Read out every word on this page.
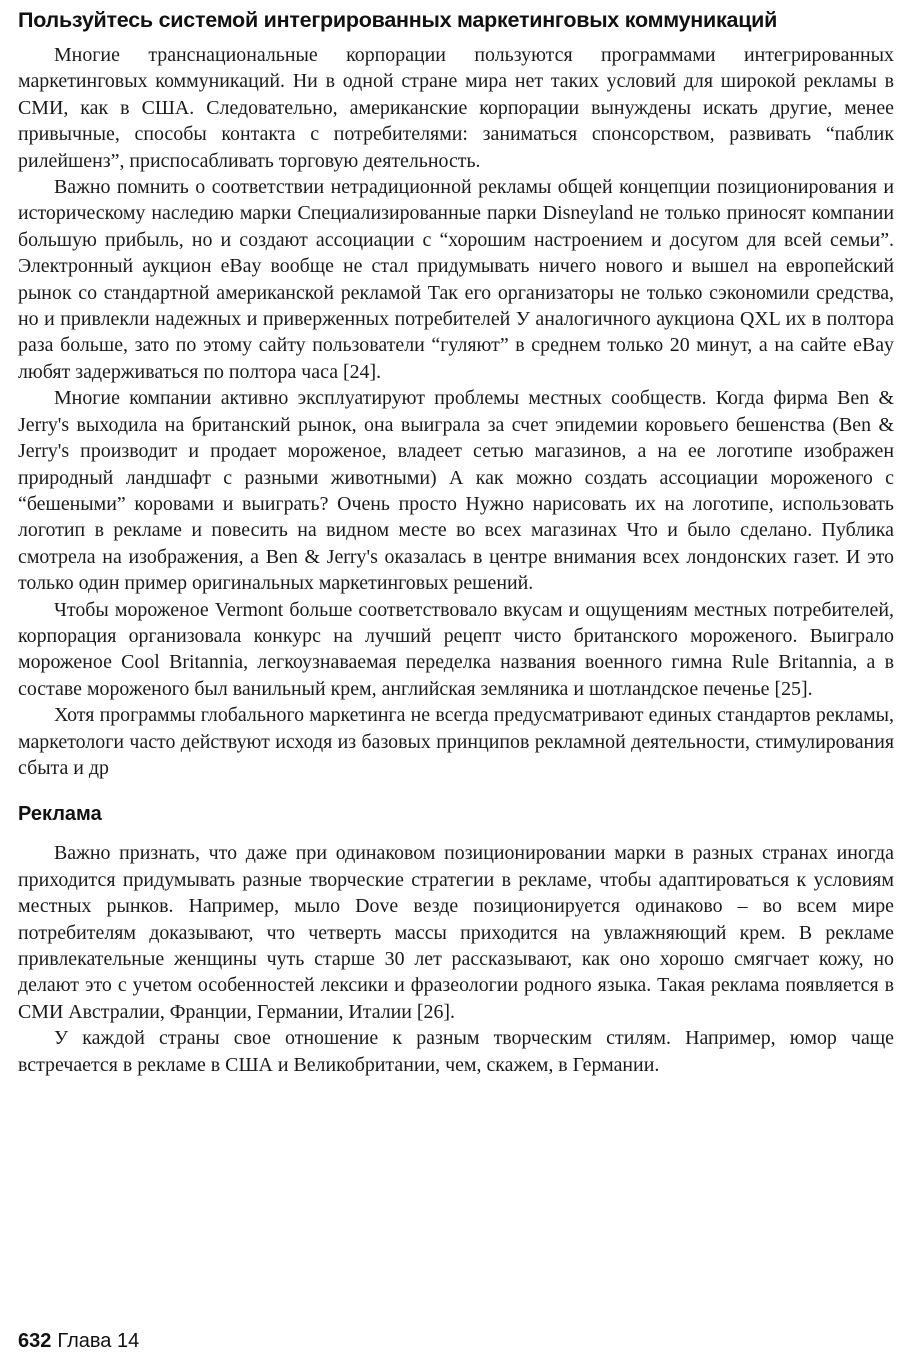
Пользуйтесь системой интегрированных маркетинговых коммуникаций

Многие транснациональные корпорации пользуются программами интегрированных маркетинговых коммуникаций. Ни в одной стране мира нет таких условий для широкой рекламы в СМИ, как в США. Следовательно, американские корпорации вынуждены искать другие, менее привычные, способы контакта с потребителями: заниматься спонсорством, развивать “паблик рилейшенз”, приспосабливать торговую деятельность.

Важно помнить о соответствии нетрадиционной рекламы общей концепции позиционирования и историческому наследию марки Специализированные парки Disneyland не только приносят компании большую прибыль, но и создают ассоциации с “хорошим настроением и досугом для всей семьи”. Электронный аукцион eBay вообще не стал придумывать ничего нового и вышел на европейский рынок со стандартной американской рекламой Так его организаторы не только сэкономили средства, но и привлекли надежных и приверженных потребителей У аналогичного аукциона QXL их в полтора раза больше, зато по этому сайту пользователи “гуляют” в среднем только 20 минут, а на сайте eBay любят задерживаться по полтора часа [24].

Многие компании активно эксплуатируют проблемы местных сообществ. Когда фирма Ben & Jerry's выходила на британский рынок, она выиграла за счет эпидемии коровьего бешенства (Ben & Jerry's производит и продает мороженое, владеет сетью магазинов, а на ее логотипе изображен природный ландшафт с разными животными) А как можно создать ассоциации мороженого с “бешеными” коровами и выиграть? Очень просто Нужно нарисовать их на логотипе, использовать логотип в рекламе и повесить на видном месте во всех магазинах Что и было сделано. Публика смотрела на изображения, а Ben & Jerry's оказалась в центре внимания всех лондонских газет. И это только один пример оригинальных маркетинговых решений.

Чтобы мороженое Vermont больше соответствовало вкусам и ощущениям местных потребителей, корпорация организовала конкурс на лучший рецепт чисто британского мороженого. Выиграло мороженое Cool Britannia, легкоузнаваемая переделка названия военного гимна Rule Britannia, а в составе мороженого был ванильный крем, английская земляника и шотландское печенье [25].

Хотя программы глобального маркетинга не всегда предусматривают единых стандартов рекламы, маркетологи часто действуют исходя из базовых принципов рекламной деятельности, стимулирования сбыта и др

Реклама

Важно признать, что даже при одинаковом позиционировании марки в разных странах иногда приходится придумывать разные творческие стратегии в рекламе, чтобы адаптироваться к условиям местных рынков. Например, мыло Dove везде позиционируется одинаково – во всем мире потребителям доказывают, что четверть массы приходится на увлажняющий крем. В рекламе привлекательные женщины чуть старше 30 лет рассказывают, как оно хорошо смягчает кожу, но делают это с учетом особенностей лексики и фразеологии родного языка. Такая реклама появляется в СМИ Австралии, Франции, Германии, Италии [26].

У каждой страны свое отношение к разным творческим стилям. Например, юмор чаще встречается в рекламе в США и Великобритании, чем, скажем, в Германии.

632 Глава 14
